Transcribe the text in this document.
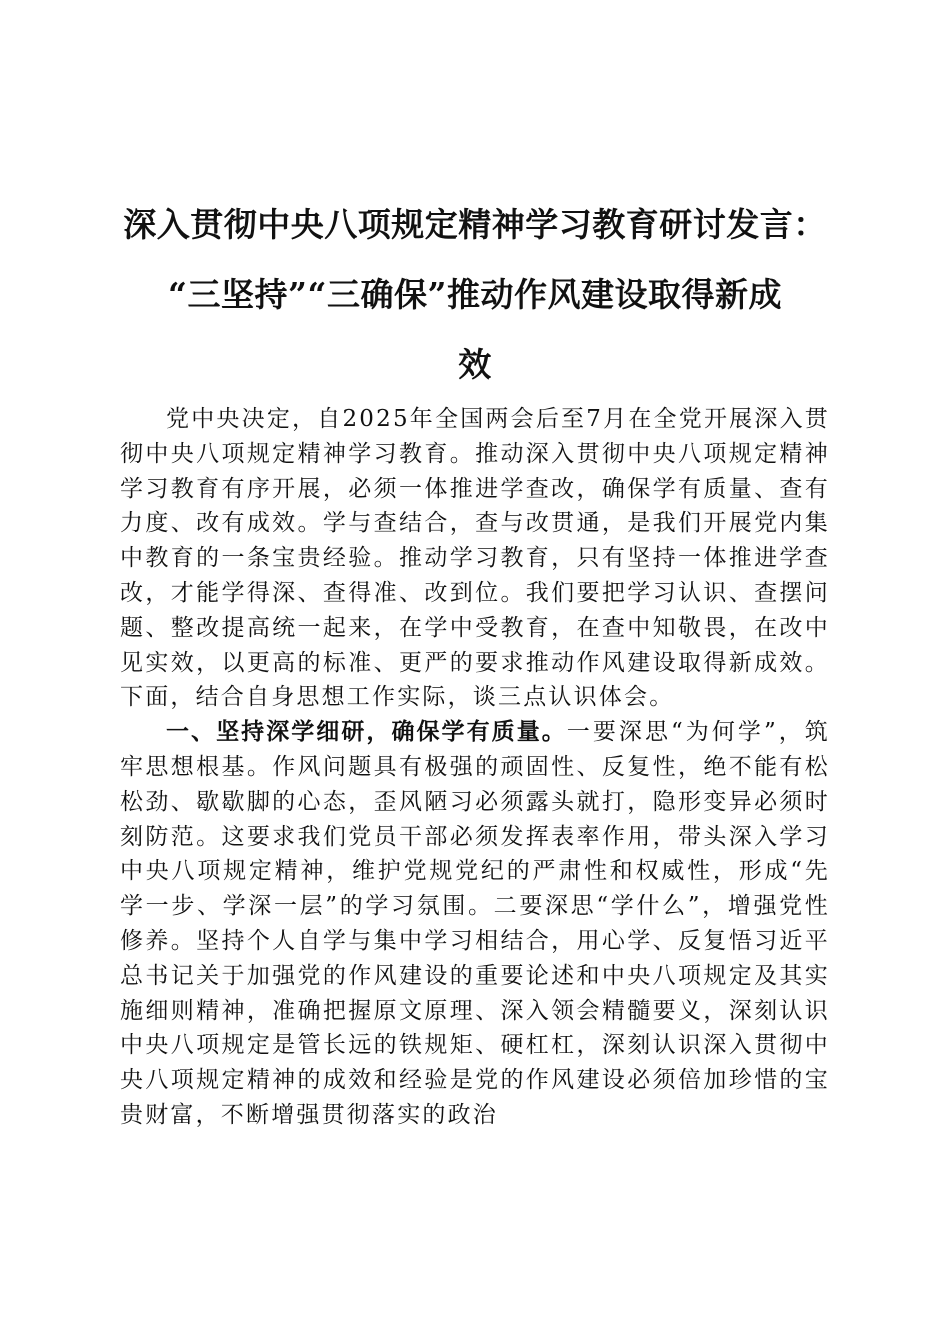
深入贯彻中央八项规定精神学习教育研讨发言：
“三坚持”“三确保”推动作风建设取得新成
效

党中央决定，自2025年全国两会后至7月在全党开展深入贯彻中央八项规定精神学习教育。推动深入贯彻中央八项规定精神学习教育有序开展，必须一体推进学查改，确保学有质量、查有力度、改有成效。学与查结合，查与改贯通，是我们开展党内集中教育的一条宝贵经验。推动学习教育，只有坚持一体推进学查改，才能学得深、查得准、改到位。我们要把学习认识、查摆问题、整改提高统一起来，在学中受教育，在查中知敬畏，在改中见实效，以更高的标准、更严的要求推动作风建设取得新成效。下面，结合自身思想工作实际，谈三点认识体会。

一、坚持深学细研，确保学有质量。一要深思“为何学”，筑牢思想根基。作风问题具有极强的顽固性、反复性，绝不能有松松劲、歇歇脚的心态，歪风陋习必须露头就打，隐形变异必须时刻防范。这要求我们党员干部必须发挥表率作用，带头深入学习中央八项规定精神，维护党规党纪的严肃性和权威性，形成“先学一步、学深一层”的学习氛围。二要深思“学什么”，增强党性修养。坚持个人自学与集中学习相结合，用心学、反复悟习近平总书记关于加强党的作风建设的重要论述和中央八项规定及其实施细则精神，准确把握原文原理、深入领会精髓要义，深刻认识中央八项规定是管长远的铁规矩、硬杠杠，深刻认识深入贯彻中央八项规定精神的成效和经验是党的作风建设必须倍加珍惜的宝贵财富，不断增强贯彻落实的政治
